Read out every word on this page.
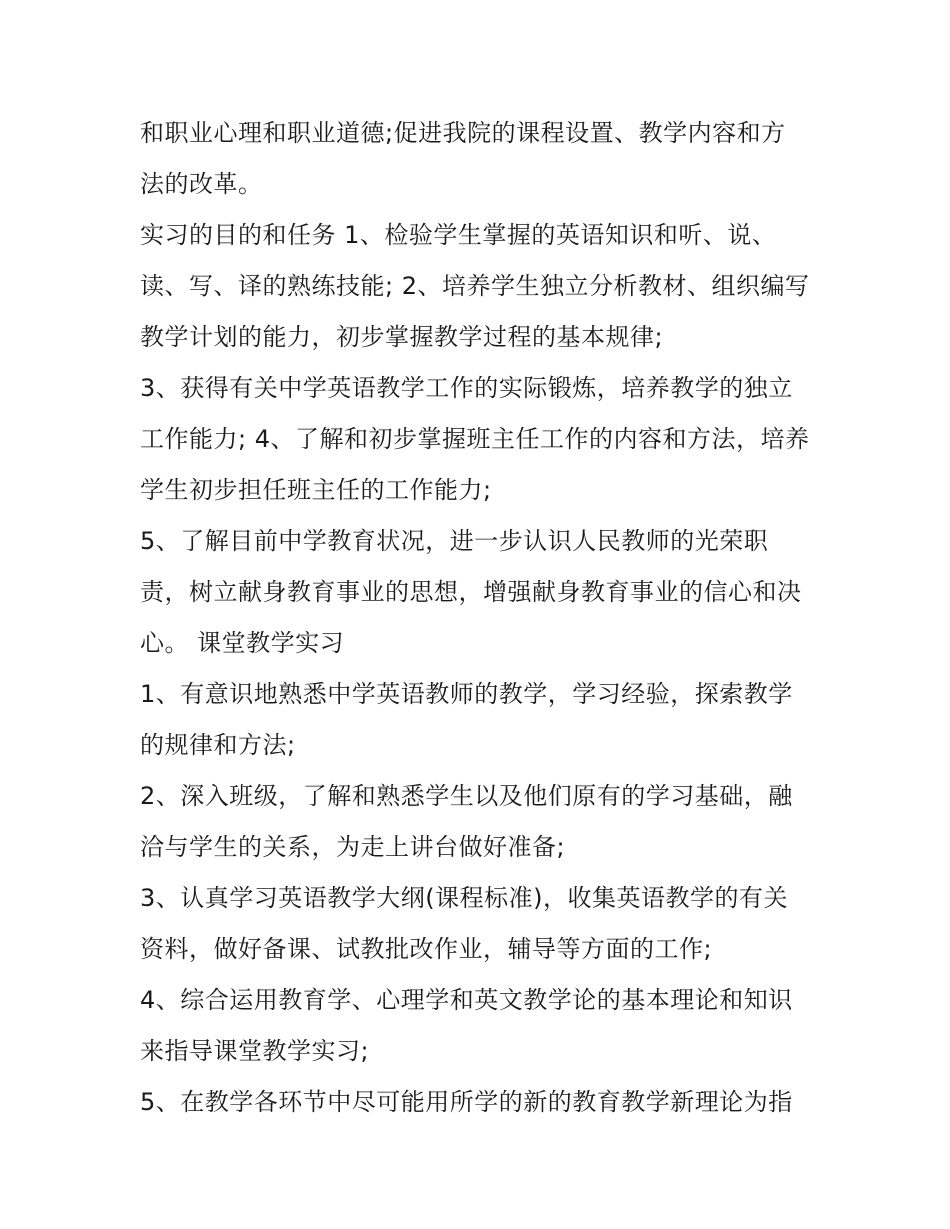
和职业心理和职业道德;促进我院的课程设置、教学内容和方
法的改革。
实习的目的和任务 1、检验学生掌握的英语知识和听、说、
读、写、译的熟练技能; 2、培养学生独立分析教材、组织编写
教学计划的能力，初步掌握教学过程的基本规律;
3、获得有关中学英语教学工作的实际锻炼，培养教学的独立
工作能力; 4、了解和初步掌握班主任工作的内容和方法，培养
学生初步担任班主任的工作能力;
5、了解目前中学教育状况，进一步认识人民教师的光荣职
责，树立献身教育事业的思想，增强献身教育事业的信心和决
心。 课堂教学实习
1、有意识地熟悉中学英语教师的教学，学习经验，探索教学
的规律和方法;
2、深入班级，了解和熟悉学生以及他们原有的学习基础，融
洽与学生的关系，为走上讲台做好准备;
3、认真学习英语教学大纲(课程标准)，收集英语教学的有关
资料，做好备课、试教批改作业，辅导等方面的工作;
4、综合运用教育学、心理学和英文教学论的基本理论和知识
来指导课堂教学实习;
5、在教学各环节中尽可能用所学的新的教育教学新理论为指
